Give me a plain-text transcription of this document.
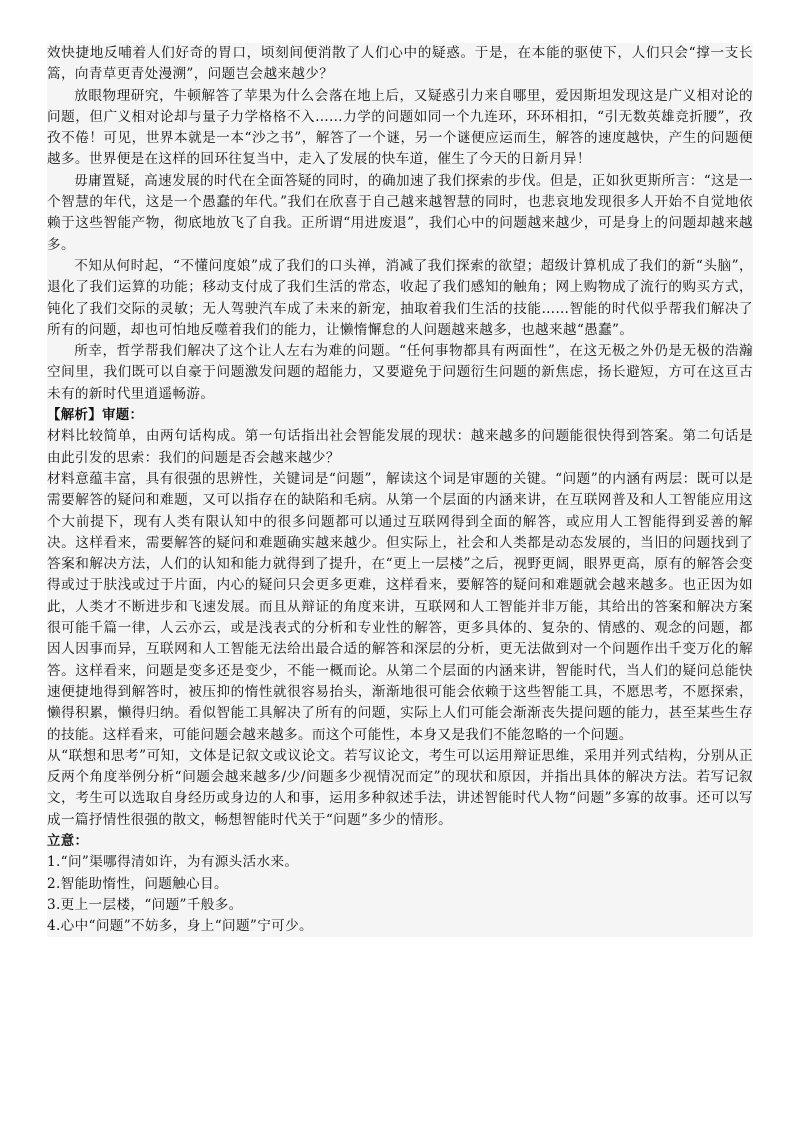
效快捷地反哺着人们好奇的胃口，顷刻间便消散了人们心中的疑惑。于是，在本能的驱使下，人们只会“撑一支长篙，向青草更青处漫溯”，问题岂会越来越少？

放眼物理研究，牛顿解答了苹果为什么会落在地上后，又疑惑引力来自哪里，爱因斯坦发现这是广义相对论的问题，但广义相对论却与量子力学格格不入……力学的问题如同一个九连环，环环相扣，“引无数英雄竞折腰”，孜孜不倦！可见，世界本就是一本“沙之书”，解答了一个谜，另一个谜便应运而生，解答的速度越快，产生的问题便越多。世界便是在这样的回环往复当中，走入了发展的快车道，催生了今天的日新月异！

毋庸置疑，高速发展的时代在全面答疑的同时，的确加速了我们探索的步伐。但是，正如狄更斯所言：“这是一个智慧的年代，这是一个愚蠢的年代。”我们在欣喜于自己越来越智慧的同时，也悲哀地发现很多人开始不自觉地依赖于这些智能产物，彻底地放飞了自我。正所谓“用进废退”，我们心中的问题越来越少，可是身上的问题却越来越多。

不知从何时起，“不懂问度娘”成了我们的口头禅，消减了我们探索的欲望；超级计算机成了我们的新“头脑”，退化了我们运算的功能；移动支付成了我们生活的常态，收起了我们感知的触角；网上购物成了流行的购买方式，钝化了我们交际的灵敏；无人驾驶汽车成了未来的新宠，抽取着我们生活的技能……智能的时代似乎帮我们解决了所有的问题，却也可怕地反噬着我们的能力，让懒惰懈怠的人问题越来越多，也越来越“愚蠢”。

所幸，哲学帮我们解决了这个让人左右为难的问题。“任何事物都具有两面性”，在这无极之外仍是无极的浩瀚空间里，我们既可以自豪于问题激发问题的超能力，又要避免于问题衍生问题的新焦虑，扬长避短，方可在这亘古未有的新时代里逍遥畅游。

【解析】审题：

材料比较简单，由两句话构成。第一句话指出社会智能发展的现状：越来越多的问题能很快得到答案。第二句话是由此引发的思索：我们的问题是否会越来越少？

材料意蕴丰富，具有很强的思辨性，关键词是“问题”，解读这个词是审题的关键。“问题”的内涵有两层：既可以是需要解答的疑问和难题，又可以指存在的缺陷和毛病。从第一个层面的内涵来讲，在互联网普及和人工智能应用这个大前提下，现有人类有限认知中的很多问题都可以通过互联网得到全面的解答，或应用人工智能得到妥善的解决。这样看来，需要解答的疑问和难题确实越来越少。但实际上，社会和人类都是动态发展的，当旧的问题找到了答案和解决方法，人们的认知和能力就得到了提升，在“更上一层楼”之后，视野更阔，眼界更高，原有的解答会变得或过于肤浅或过于片面，内心的疑问只会更多更难，这样看来，要解答的疑问和难题就会越来越多。也正因为如此，人类才不断进步和飞速发展。而且从辩证的角度来讲，互联网和人工智能并非万能，其给出的答案和解决方案很可能千篇一律，人云亦云，或是浅表式的分析和专业性的解答，更多具体的、复杂的、情感的、观念的问题，都因人因事而异，互联网和人工智能无法给出最合适的解答和深层的分析，更无法做到对一个问题作出千变万化的解答。这样看来，问题是变多还是变少，不能一概而论。从第二个层面的内涵来讲，智能时代，当人们的疑问总能快速便捷地得到解答时，被压抑的惰性就很容易抬头，渐渐地很可能会依赖于这些智能工具，不愿思考，不愿探索，懒得积累，懒得归纳。看似智能工具解决了所有的问题，实际上人们可能会渐渐丧失提问题的能力，甚至某些生存的技能。这样看来，可能问题会越来越多。而这个可能性，本身又是我们不能忽略的一个问题。

从“联想和思考”可知，文体是记叙文或议论文。若写议论文，考生可以运用辩证思维，采用并列式结构，分别从正反两个角度举例分析“问题会越来越多/少/问题多少视情况而定”的现状和原因，并指出具体的解决方法。若写记叙文，考生可以选取自身经历或身边的人和事，运用多种叙述手法，讲述智能时代人物“问题”多寡的故事。还可以写成一篇抒情性很强的散文，畅想智能时代关于“问题”多少的情形。

立意：

1.“问”渠哪得清如许，为有源头活水来。

2.智能助惰性，问题触心目。

3.更上一层楼，“问题”千般多。

4.心中“问题”不妨多，身上“问题”宁可少。
